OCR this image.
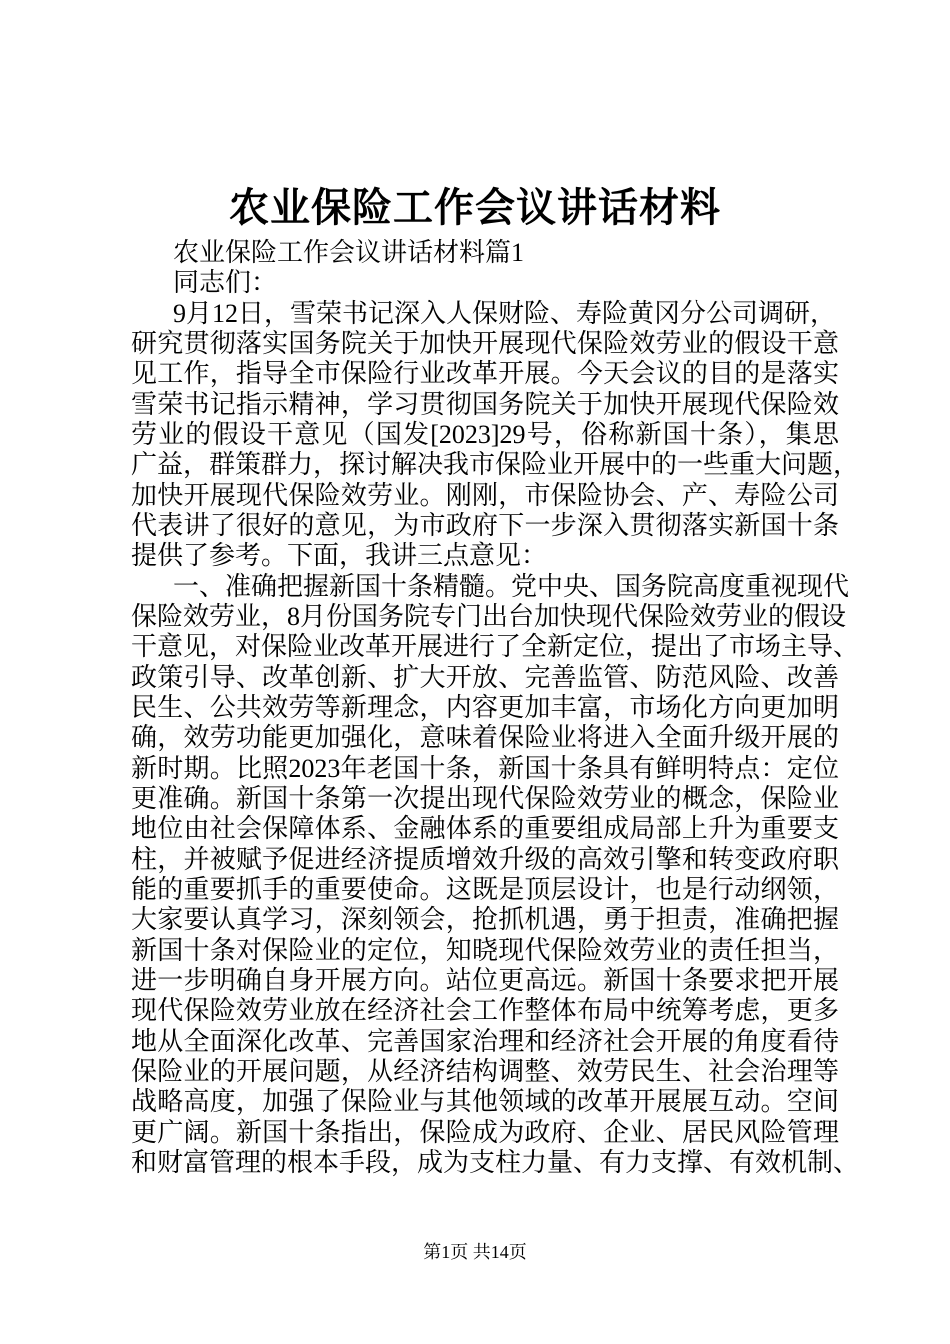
农业保险工作会议讲话材料
农业保险工作会议讲话材料篇1
同志们：
9月12日，雪荣书记深入人保财险、寿险黄冈分公司调研，
研究贯彻落实国务院关于加快开展现代保险效劳业的假设干意
见工作，指导全市保险行业改革开展。今天会议的目的是落实
雪荣书记指示精神，学习贯彻国务院关于加快开展现代保险效
劳业的假设干意见（国发[2023]29号，俗称新国十条），集思
广益，群策群力，探讨解决我市保险业开展中的一些重大问题，
加快开展现代保险效劳业。刚刚，市保险协会、产、寿险公司
代表讲了很好的意见，为市政府下一步深入贯彻落实新国十条
提供了参考。下面，我讲三点意见：
一、准确把握新国十条精髓。党中央、国务院高度重视现代
保险效劳业，8月份国务院专门出台加快现代保险效劳业的假设
干意见，对保险业改革开展进行了全新定位，提出了市场主导、
政策引导、改革创新、扩大开放、完善监管、防范风险、改善
民生、公共效劳等新理念，内容更加丰富，市场化方向更加明
确，效劳功能更加强化，意味着保险业将进入全面升级开展的
新时期。比照2023年老国十条，新国十条具有鲜明特点：定位
更准确。新国十条第一次提出现代保险效劳业的概念，保险业
地位由社会保障体系、金融体系的重要组成局部上升为重要支
柱，并被赋予促进经济提质增效升级的高效引擎和转变政府职
能的重要抓手的重要使命。这既是顶层设计，也是行动纲领，
大家要认真学习，深刻领会，抢抓机遇，勇于担责，准确把握
新国十条对保险业的定位，知晓现代保险效劳业的责任担当，
进一步明确自身开展方向。站位更高远。新国十条要求把开展
现代保险效劳业放在经济社会工作整体布局中统筹考虑，更多
地从全面深化改革、完善国家治理和经济社会开展的角度看待
保险业的开展问题，从经济结构调整、效劳民生、社会治理等
战略高度，加强了保险业与其他领域的改革开展展互动。空间
更广阔。新国十条指出，保险成为政府、企业、居民风险管理
和财富管理的根本手段，成为支柱力量、有力支撑、有效机制、
第1页 共14页
